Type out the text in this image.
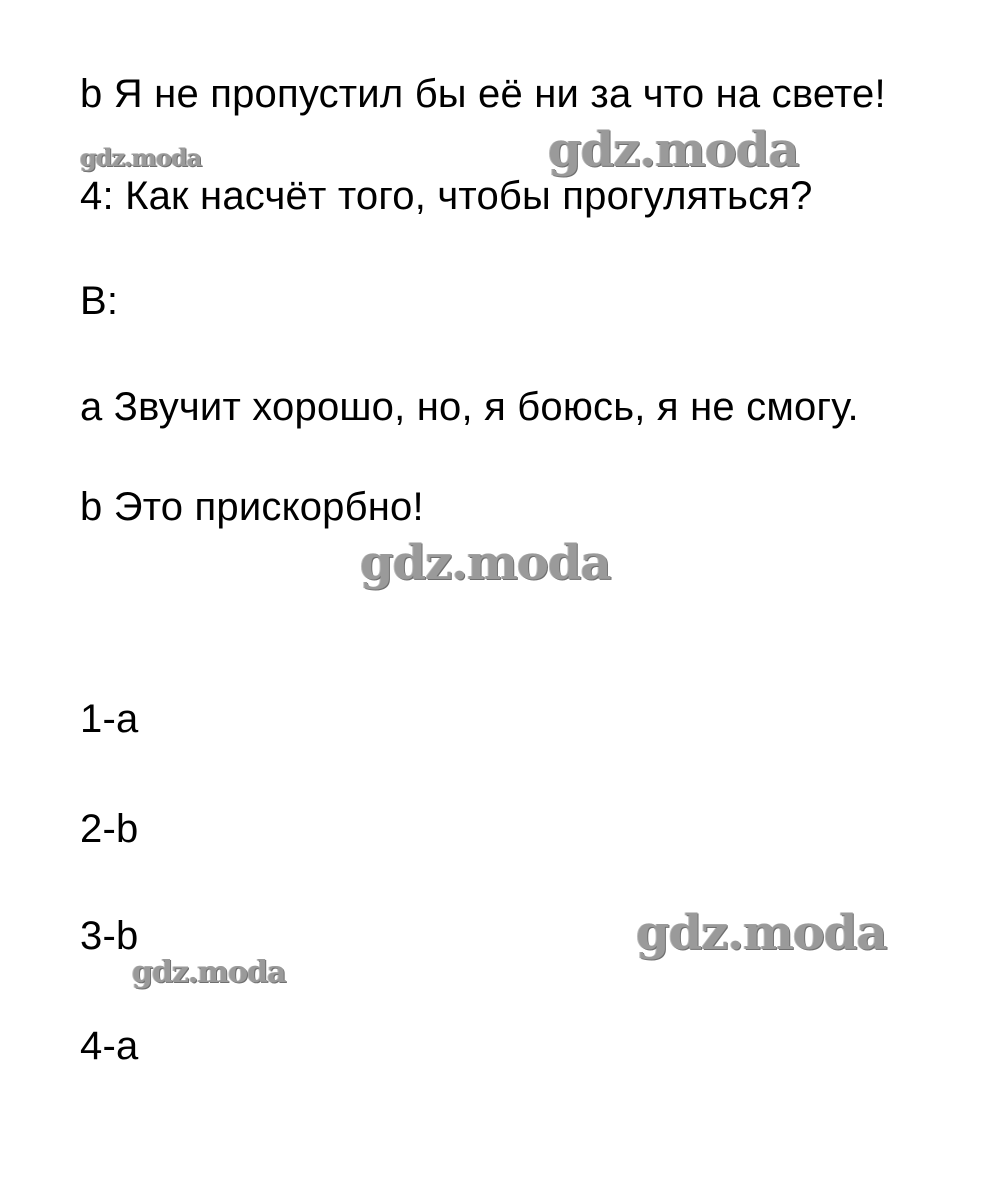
b Я не пропустил бы её ни за что на свете!
gdz.moda	gdz.moda
4: Как насчёт того, чтобы прогуляться?
B:
a Звучит хорошо, но, я боюсь, я не смогу.
b Это прискорбно!
gdz.moda
1-a
2-b
3-b	gdz.moda
gdz.moda
4-a
